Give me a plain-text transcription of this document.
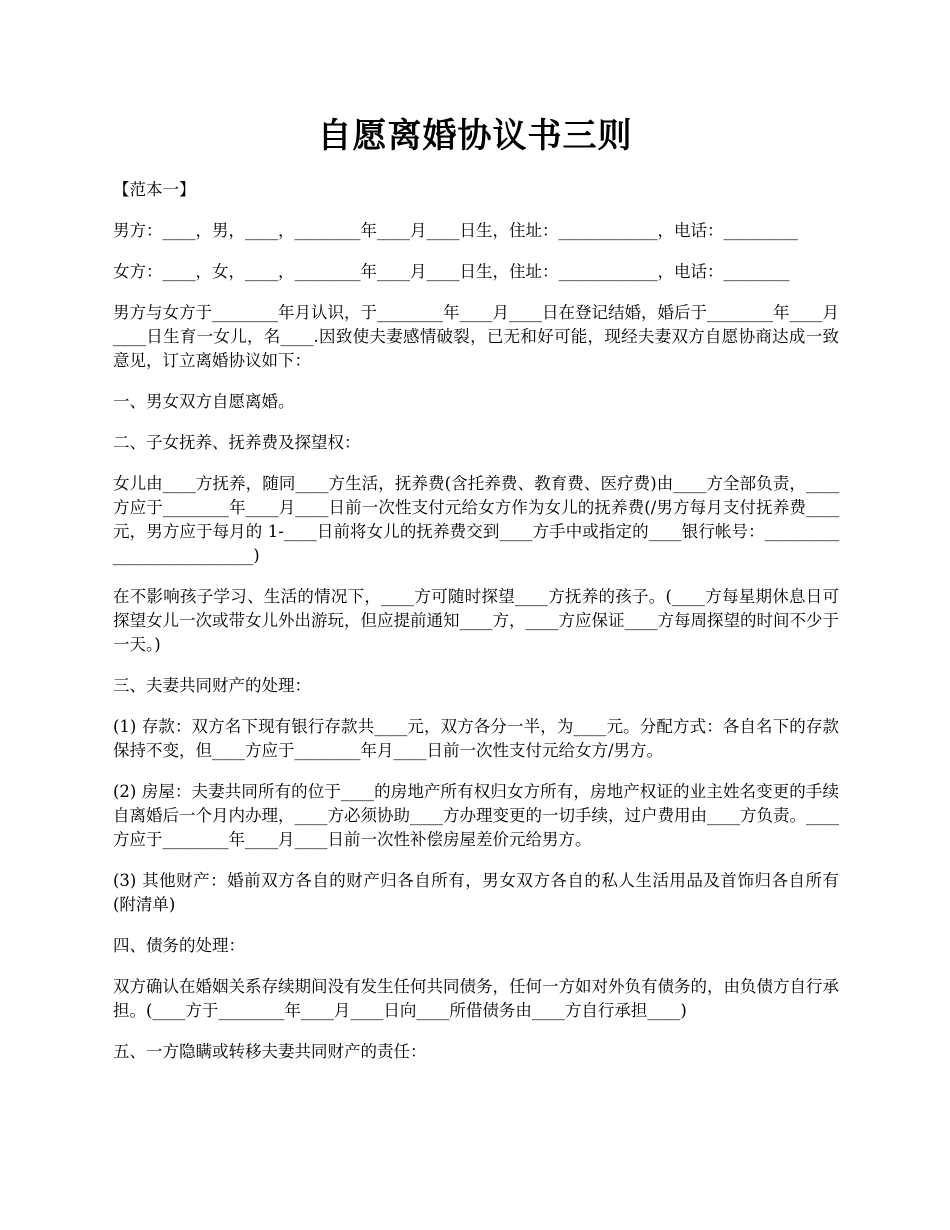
自愿离婚协议书三则

【范本一】

男方：____，男，____，________年____月____日生，住址：____________，电话：_________

女方：____，女，____，________年____月____日生，住址：____________，电话：________

男方与女方于________年月认识，于________年____月____日在登记结婚，婚后于________年____月____日生育一女儿，名____.因致使夫妻感情破裂，已无和好可能，现经夫妻双方自愿协商达成一致意见，订立离婚协议如下：

一、男女双方自愿离婚。

二、子女抚养、抚养费及探望权：

女儿由____方抚养，随同____方生活，抚养费(含托养费、教育费、医疗费)由____方全部负责，____方应于________年____月____日前一次性支付元给女方作为女儿的抚养费(/男方每月支付抚养费____元，男方应于每月的 1-____日前将女儿的抚养费交到____方手中或指定的____银行帐号：__________________________)

在不影响孩子学习、生活的情况下，____方可随时探望____方抚养的孩子。(____方每星期休息日可探望女儿一次或带女儿外出游玩，但应提前通知____方，____方应保证____方每周探望的时间不少于一天。)

三、夫妻共同财产的处理：

(1) 存款：双方名下现有银行存款共____元，双方各分一半，为____元。分配方式：各自名下的存款保持不变，但____方应于________年月____日前一次性支付元给女方/男方。

(2) 房屋：夫妻共同所有的位于____的房地产所有权归女方所有，房地产权证的业主姓名变更的手续自离婚后一个月内办理，____方必须协助____方办理变更的一切手续，过户费用由____方负责。____方应于________年____月____日前一次性补偿房屋差价元给男方。

(3) 其他财产：婚前双方各自的财产归各自所有，男女双方各自的私人生活用品及首饰归各自所有(附清单)

四、债务的处理：

双方确认在婚姻关系存续期间没有发生任何共同债务，任何一方如对外负有债务的，由负债方自行承担。(____方于________年____月____日向____所借债务由____方自行承担____)

五、一方隐瞒或转移夫妻共同财产的责任：
